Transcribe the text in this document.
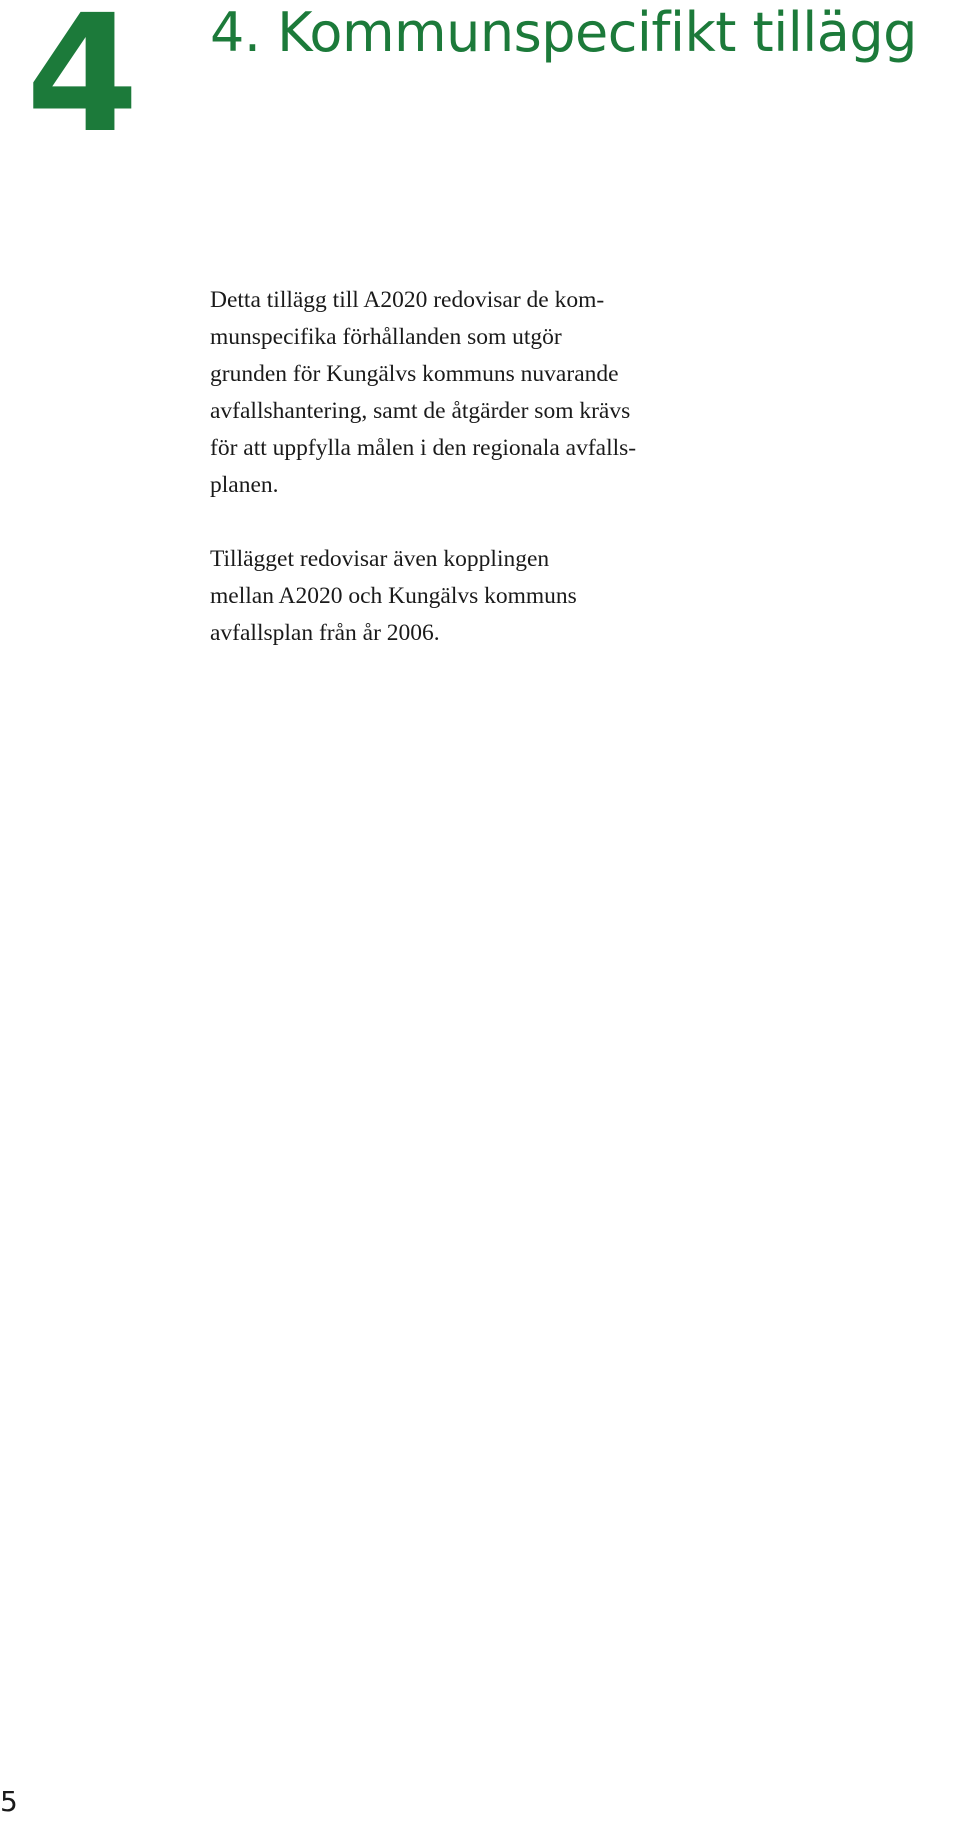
4 4. Kommunspecifikt tillägg

Detta tillägg till A2020 redovisar de kom-
munspecifika förhållanden som utgör
grunden för Kungälvs kommuns nuvarande
avfallshantering, samt de åtgärder som krävs
för att uppfylla målen i den regionala avfalls-
planen.

Tillägget redovisar även kopplingen
mellan A2020 och Kungälvs kommuns
avfallsplan från år 2006.

5
